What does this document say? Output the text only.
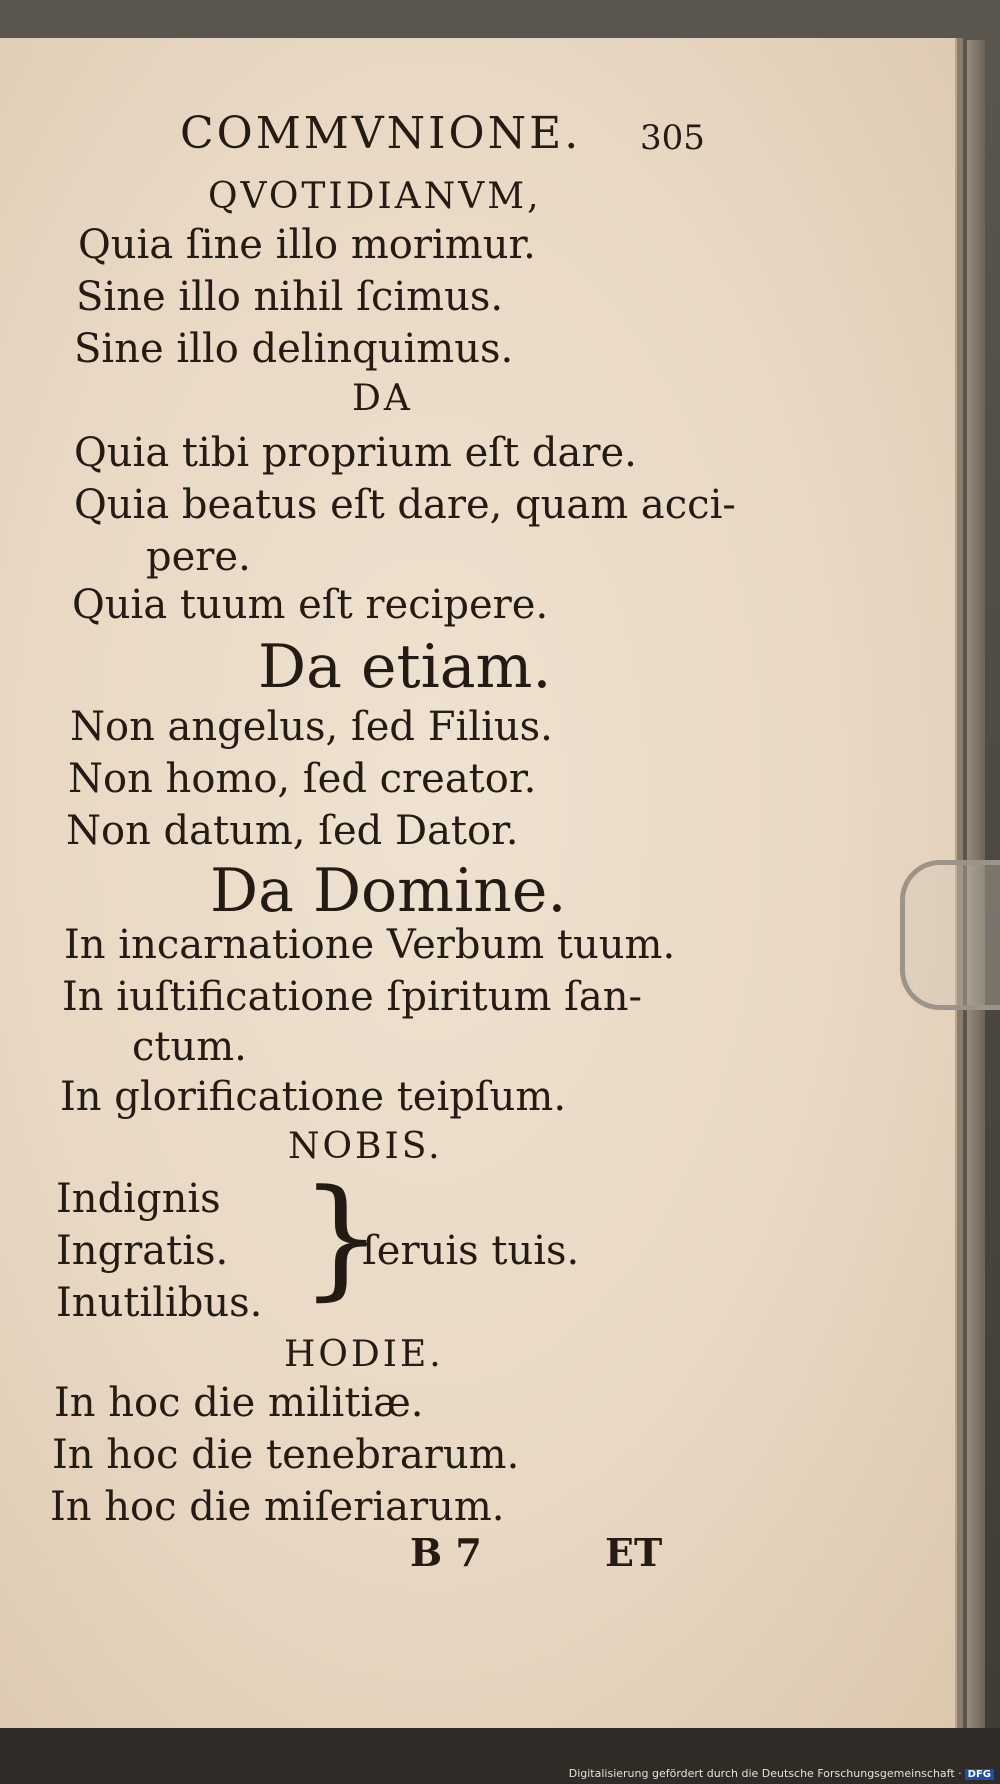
COMMVNIONE. 305
QVOTIDIANVM,
Quia ſine illo morimur.
Sine illo nihil ſcimus.
Sine illo delinquimus.
DA
Quia tibi proprium eſt dare.
Quia beatus eſt dare, quam acci-
pere.
Quia tuum eſt recipere.
Da etiam.
Non angelus, ſed Filius.
Non homo, ſed creator.
Non datum, ſed Dator.
Da Domine.
In incarnatione Verbum tuum.
In iuſtificatione ſpiritum ſan-
ctum.
In glorificatione teipſum.
NOBIS.
Indignis
Ingratis.
Inutilibus. }
ſeruis tuis.
HODIE.
In hoc die militiæ.
In hoc die tenebrarum.
In hoc die miſeriarum.
B 7	ET
Digitalisierung gefördert durch die Deutsche Forschungsgemeinschaft · DFG
